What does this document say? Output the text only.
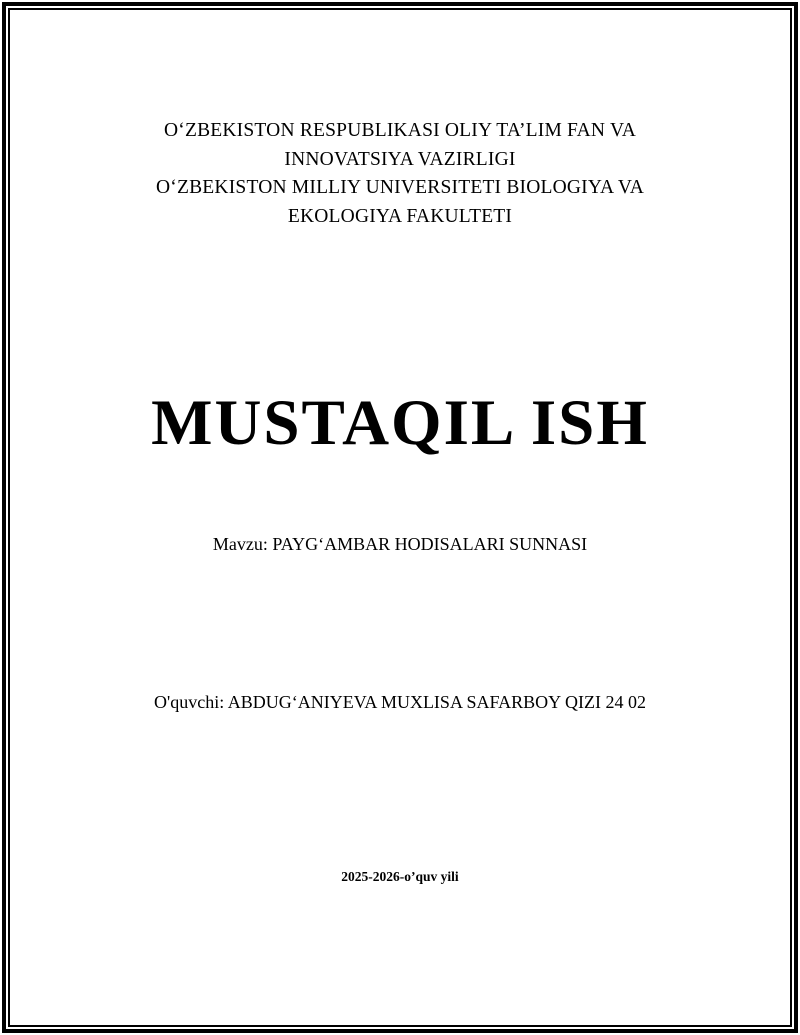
OʻZBEKISTON RESPUBLIKASI OLIY TA’LIM FAN VA
INNOVATSIYA VAZIRLIGI
OʻZBEKISTON MILLIY UNIVERSITETI BIOLOGIYA VA
EKOLOGIYA FAKULTETI
MUSTAQIL ISH

Mavzu: PAYGʻAMBAR HODISALARI SUNNASI

O'quvchi: ABDUGʻANIYEVA MUXLISA SAFARBOY QIZI 24 02

2025-2026-o’quv yili
